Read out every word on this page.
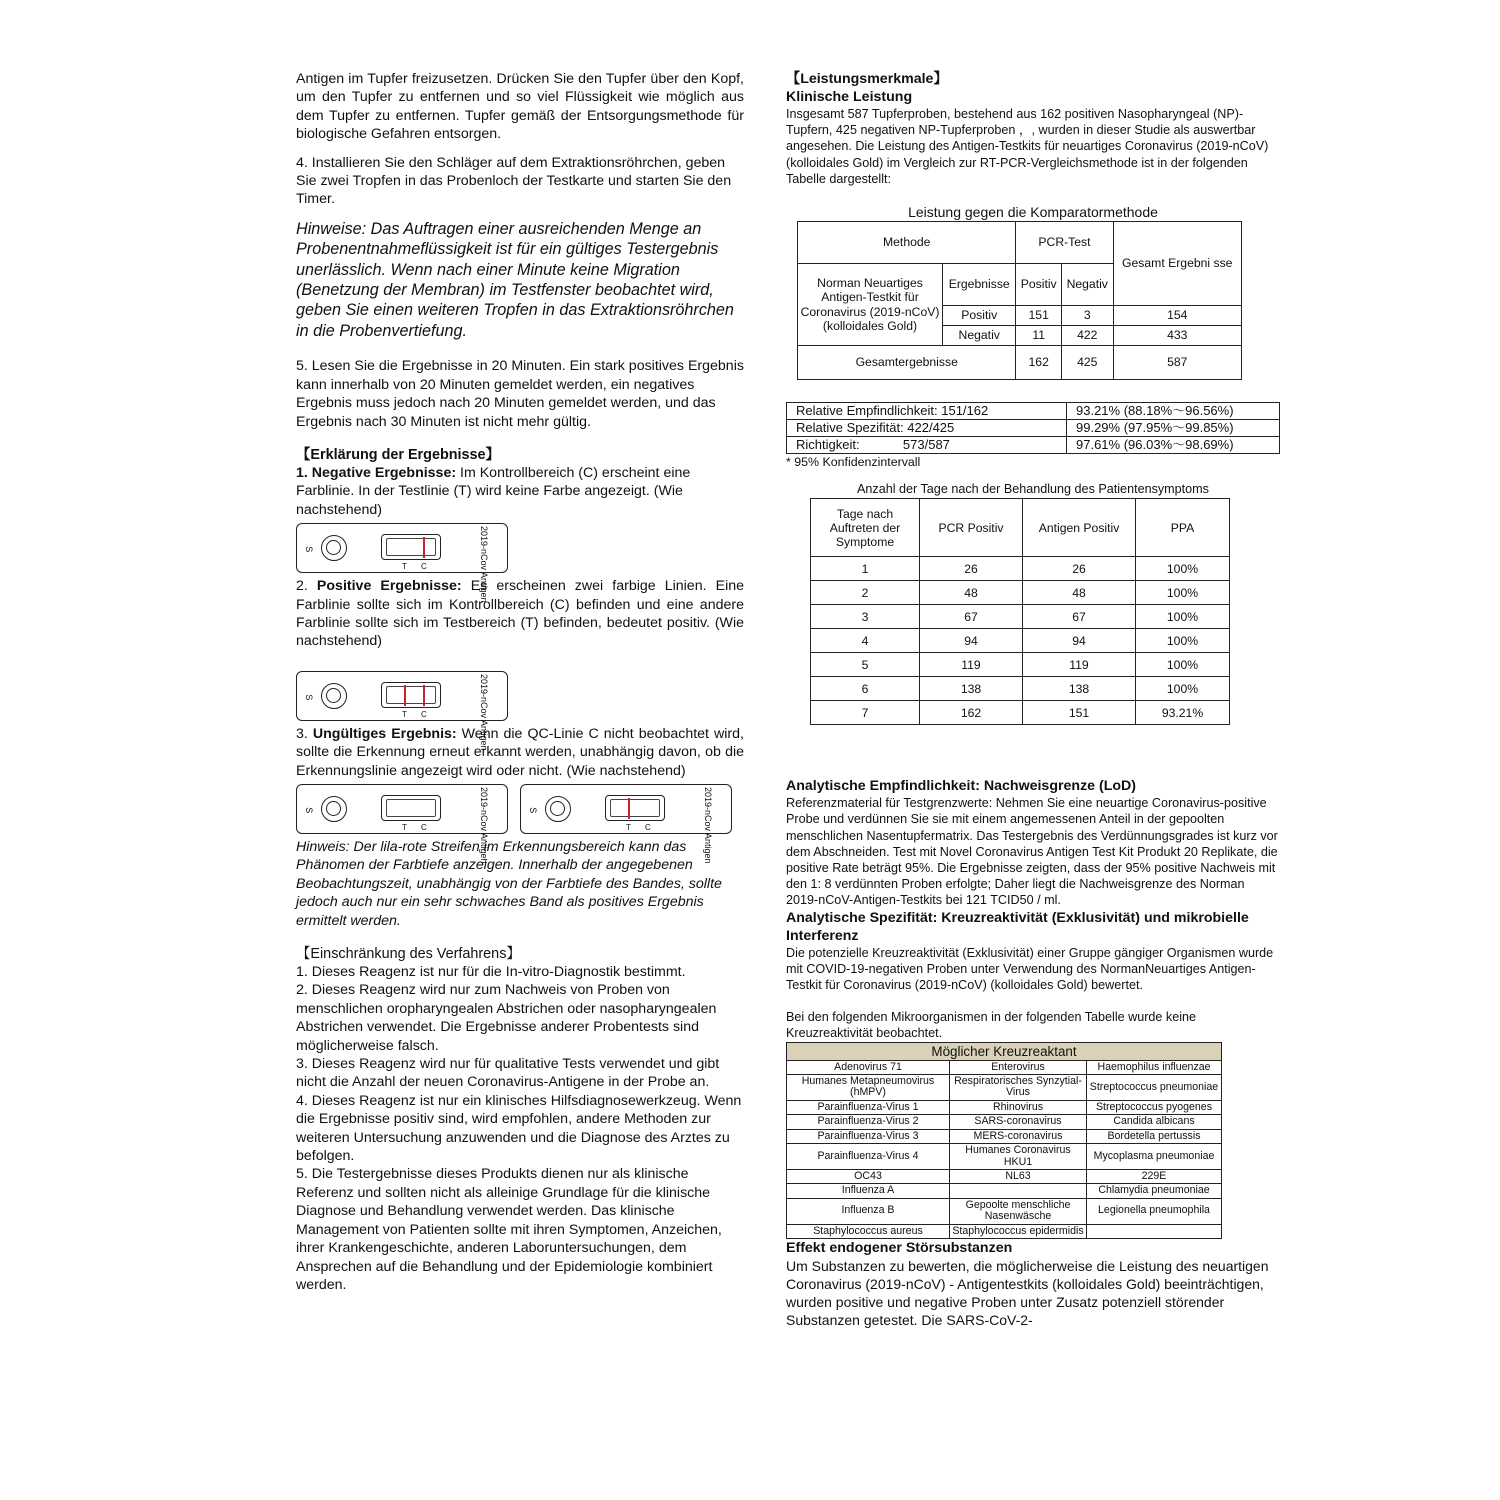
Antigen im Tupfer freizusetzen. Drücken Sie den Tupfer über den Kopf, um den Tupfer zu entfernen und so viel Flüssigkeit wie möglich aus dem Tupfer zu entfernen. Tupfer gemäß der Entsorgungsmethode für biologische Gefahren entsorgen.

4. Installieren Sie den Schläger auf dem Extraktionsröhrchen, geben Sie zwei Tropfen in das Probenloch der Testkarte und starten Sie den Timer.

Hinweise: Das Auftragen einer ausreichenden Menge an Probenentnahmeflüssigkeit ist für ein gültiges Testergebnis unerlässlich. Wenn nach einer Minute keine Migration (Benetzung der Membran) im Testfenster beobachtet wird, geben Sie einen weiteren Tropfen in das Extraktionsröhrchen in die Probenvertiefung.

5. Lesen Sie die Ergebnisse in 20 Minuten. Ein stark positives Ergebnis kann innerhalb von 20 Minuten gemeldet werden, ein negatives Ergebnis muss jedoch nach 20 Minuten gemeldet werden, und das Ergebnis nach 30 Minuten ist nicht mehr gültig.

【Erklärung der Ergebnisse】

1. Negative Ergebnisse: Im Kontrollbereich (C) erscheint eine Farblinie. In der Testlinie (T) wird keine Farbe angezeigt. (Wie nachstehend)

S
T C	2019-nCov Antigen

2. Positive Ergebnisse: Es erscheinen zwei farbige Linien. Eine Farblinie sollte sich im Kontrollbereich (C) befinden und eine andere Farblinie sollte sich im Testbereich (T) befinden, bedeutet positiv. (Wie nachstehend)

S
T C	2019-nCov Antigen

3. Ungültiges Ergebnis: Wenn die QC-Linie C nicht beobachtet wird, sollte die Erkennung erneut erkannt werden, unabhängig davon, ob die Erkennungslinie angezeigt wird oder nicht. (Wie nachstehend)

S
T C	2019-nCov Antigen	S
T C	2019-nCov Antigen

Hinweis: Der lila-rote Streifen im Erkennungsbereich kann das Phänomen der Farbtiefe anzeigen. Innerhalb der angegebenen Beobachtungszeit, unabhängig von der Farbtiefe des Bandes, sollte jedoch auch nur ein sehr schwaches Band als positives Ergebnis ermittelt werden.

【Einschränkung des Verfahrens】

1. Dieses Reagenz ist nur für die In-vitro-Diagnostik bestimmt.

2. Dieses Reagenz wird nur zum Nachweis von Proben von menschlichen oropharyngealen Abstrichen oder nasopharyngealen Abstrichen verwendet. Die Ergebnisse anderer Probentests sind möglicherweise falsch.

3. Dieses Reagenz wird nur für qualitative Tests verwendet und gibt nicht die Anzahl der neuen Coronavirus-Antigene in der Probe an.

4. Dieses Reagenz ist nur ein klinisches Hilfsdiagnosewerkzeug. Wenn die Ergebnisse positiv sind, wird empfohlen, andere Methoden zur weiteren Untersuchung anzuwenden und die Diagnose des Arztes zu befolgen.

5. Die Testergebnisse dieses Produkts dienen nur als klinische Referenz und sollten nicht als alleinige Grundlage für die klinische Diagnose und Behandlung verwendet werden. Das klinische Management von Patienten sollte mit ihren Symptomen, Anzeichen, ihrer Krankengeschichte, anderen Laboruntersuchungen, dem Ansprechen auf die Behandlung und der Epidemiologie kombiniert werden.

【Leistungsmerkmale】

Klinische Leistung

Insgesamt 587 Tupferproben, bestehend aus 162 positiven Nasopharyngeal (NP)-Tupfern, 425 negativen NP-Tupferproben ，, wurden in dieser Studie als auswertbar angesehen. Die Leistung des Antigen-Testkits für neuartiges Coronavirus (2019-nCoV) (kolloidales Gold) im Vergleich zur RT-PCR-Vergleichsmethode ist in der folgenden Tabelle dargestellt:

Leistung gegen die Komparatormethode

Methode		PCR-Test		Gesamt Ergebni sse
Norman Neuartiges Antigen-Testkit für Coronavirus (2019-nCoV) (kolloidales Gold)	Ergebnisse	Positiv	Negativ	
	Positiv	151	3	154
	Negativ	11	422	433
Gesamtergebnisse		162	425	587
Relative Empfindlichkeit: 151/162	93.21% (88.18%～96.56%)
Relative Spezifität: 422/425	99.29% (97.95%～99.85%)
Richtigkeit:            573/587	97.61% (96.03%～98.69%)

* 95% Konfidenzintervall

Anzahl der Tage nach der Behandlung des Patientensymptoms

Tage nach Auftreten der Symptome	PCR Positiv	Antigen Positiv	PPA
1	26	26	100%
2	48	48	100%
3	67	67	100%
4	94	94	100%
5	119	119	100%
6	138	138	100%
7	162	151	93.21%

Analytische Empfindlichkeit: Nachweisgrenze (LoD)

Referenzmaterial für Testgrenzwerte: Nehmen Sie eine neuartige Coronavirus-positive Probe und verdünnen Sie sie mit einem angemessenen Anteil in der gepoolten menschlichen Nasentupfermatrix. Das Testergebnis des Verdünnungsgrades ist kurz vor dem Abschneiden. Test mit Novel Coronavirus Antigen Test Kit Produkt 20 Replikate, die positive Rate beträgt 95%. Die Ergebnisse zeigten, dass der 95% positive Nachweis mit den 1: 8 verdünnten Proben erfolgte; Daher liegt die Nachweisgrenze des Norman 2019-nCoV-Antigen-Testkits bei 121 TCID50 / ml.

Analytische Spezifität: Kreuzreaktivität (Exklusivität) und mikrobielle Interferenz

Die potenzielle Kreuzreaktivität (Exklusivität) einer Gruppe gängiger Organismen wurde mit COVID-19-negativen Proben unter Verwendung des NormanNeuartiges Antigen-Testkit für Coronavirus (2019-nCoV) (kolloidales Gold) bewertet.

Bei den folgenden Mikroorganismen in der folgenden Tabelle wurde keine Kreuzreaktivität beobachtet.

Möglicher Kreuzreaktant		
Adenovirus 71	Enterovirus	Haemophilus influenzae
Humanes Metapneumovirus (hMPV)	Respiratorisches Synzytial-Virus	Streptococcus pneumoniae
Parainfluenza-Virus 1	Rhinovirus	Streptococcus pyogenes
Parainfluenza-Virus 2	SARS-coronavirus	Candida albicans
Parainfluenza-Virus 3	MERS-coronavirus	Bordetella pertussis
Parainfluenza-Virus 4	Humanes Coronavirus HKU1	Mycoplasma pneumoniae
OC43	NL63	229E
Influenza A		Chlamydia pneumoniae
Influenza B	Gepoolte menschliche Nasenwäsche	Legionella pneumophila
Staphylococcus aureus	Staphylococcus epidermidis	

Effekt endogener Störsubstanzen

Um Substanzen zu bewerten, die möglicherweise die Leistung des neuartigen Coronavirus (2019-nCoV) - Antigentestkits (kolloidales Gold) beeinträchtigen, wurden positive und negative Proben unter Zusatz potenziell störender Substanzen getestet. Die SARS-CoV-2-
